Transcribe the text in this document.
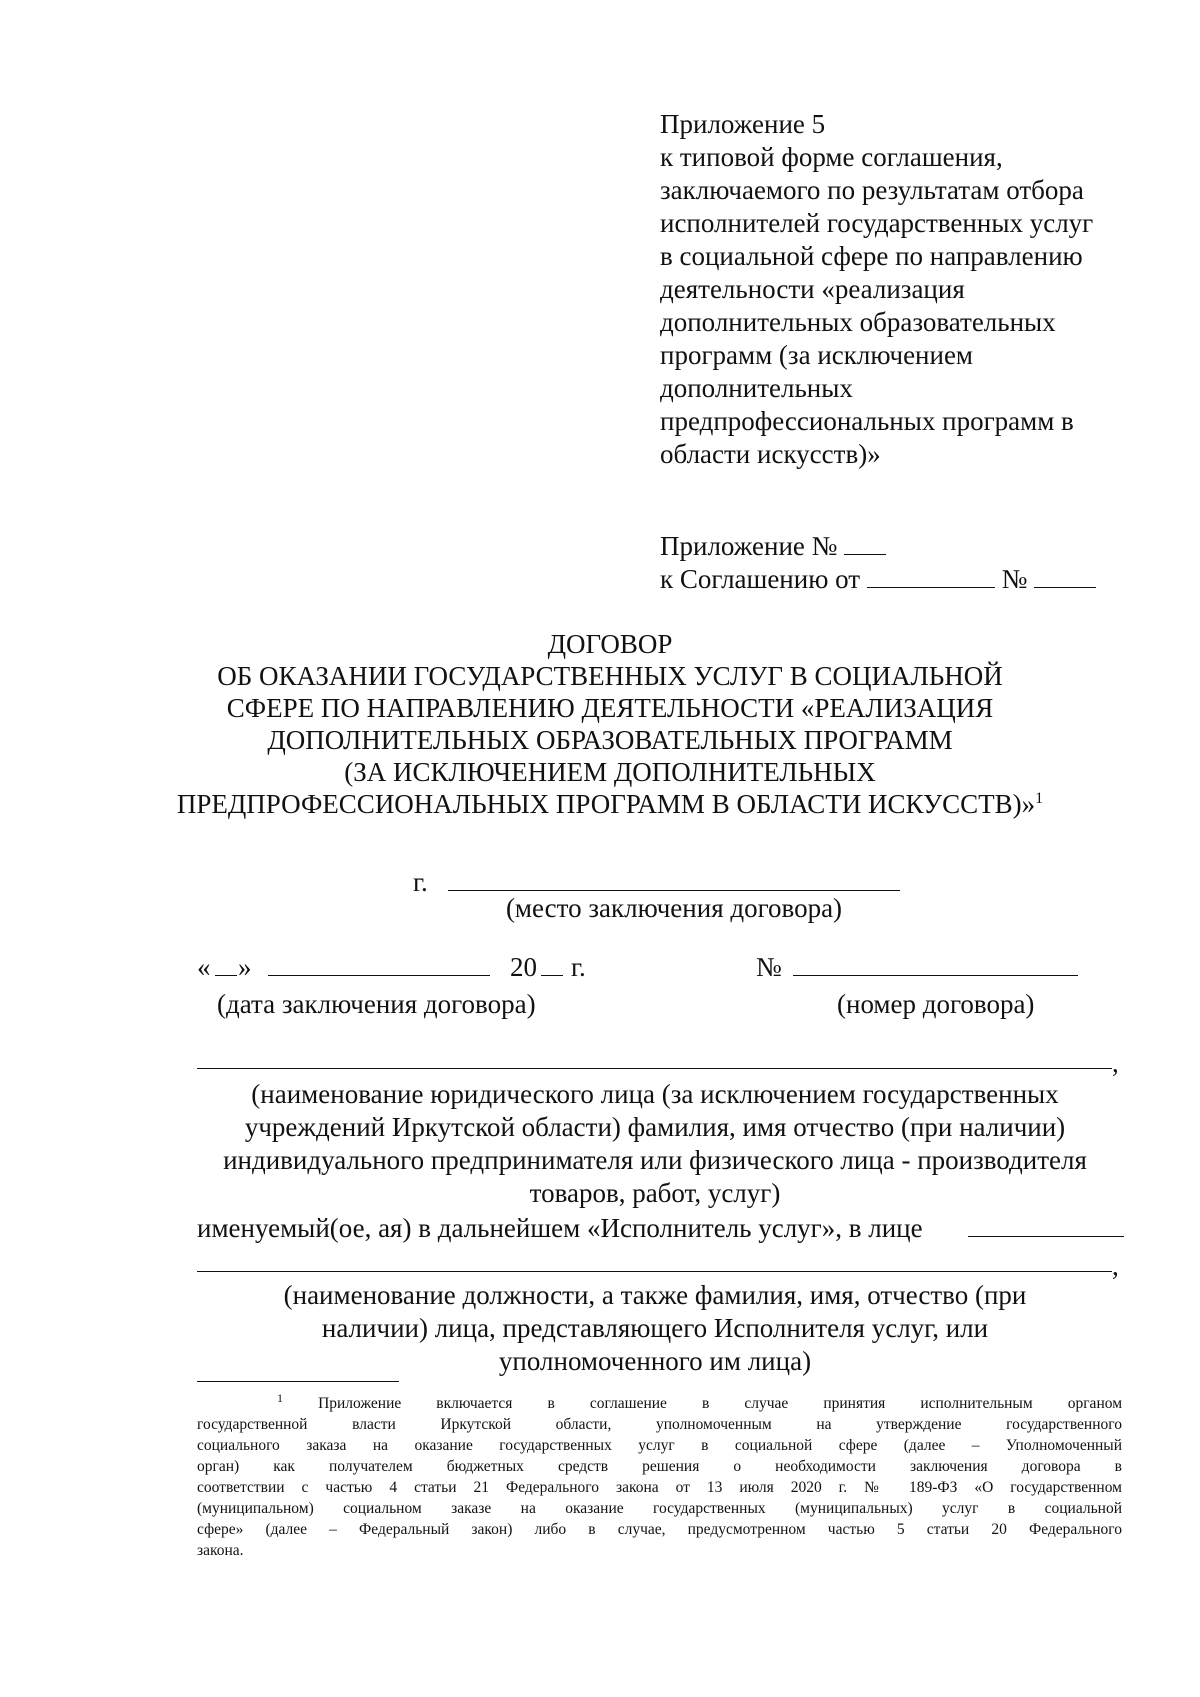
Приложение 5
к типовой форме соглашения,
заключаемого по результатам отбора
исполнителей государственных услуг
в социальной сфере по направлению
деятельности «реализация
дополнительных образовательных
программ (за исключением
дополнительных
предпрофессиональных программ в
области искусств)»
Приложение №
к Соглашению от	№
ДОГОВОР
ОБ ОКАЗАНИИ ГОСУДАРСТВЕННЫХ УСЛУГ В СОЦИАЛЬНОЙ
СФЕРЕ ПО НАПРАВЛЕНИЮ ДЕЯТЕЛЬНОСТИ «РЕАЛИЗАЦИЯ
ДОПОЛНИТЕЛЬНЫХ ОБРАЗОВАТЕЛЬНЫХ ПРОГРАММ
(ЗА ИСКЛЮЧЕНИЕМ ДОПОЛНИТЕЛЬНЫХ
ПРЕДПРОФЕССИОНАЛЬНЫХ ПРОГРАММ В ОБЛАСТИ ИСКУССТВ)»$^1$
г.
(место заключения договора)
« »	20 г.	№
(дата заключения договора)	(номер договора)
,
(наименование юридического лица (за исключением государственных
учреждений Иркутской области) фамилия, имя отчество (при наличии)
индивидуального предпринимателя или физического лица - производителя
товаров, работ, услуг)
именуемый(ое, ая) в дальнейшем «Исполнитель услуг», в лице
,
(наименование должности, а также фамилия, имя, отчество (при
наличии) лица, представляющего Исполнителя услуг, или
уполномоченного им лица)
$^1$ Приложение включается в соглашение в случае принятия исполнительным органом
государственной власти Иркутской области, уполномоченным на утверждение государственного
социального заказа на оказание государственных услуг в социальной сфере (далее – Уполномоченный
орган) как получателем бюджетных средств решения о необходимости заключения договора в
соответствии с частью 4 статьи 21 Федерального закона от 13 июля 2020 г. № 189-ФЗ «О государственном
(муниципальном) социальном заказе на оказание государственных (муниципальных) услуг в социальной
сфере» (далее – Федеральный закон) либо в случае, предусмотренном частью 5 статьи 20 Федерального
закона.
